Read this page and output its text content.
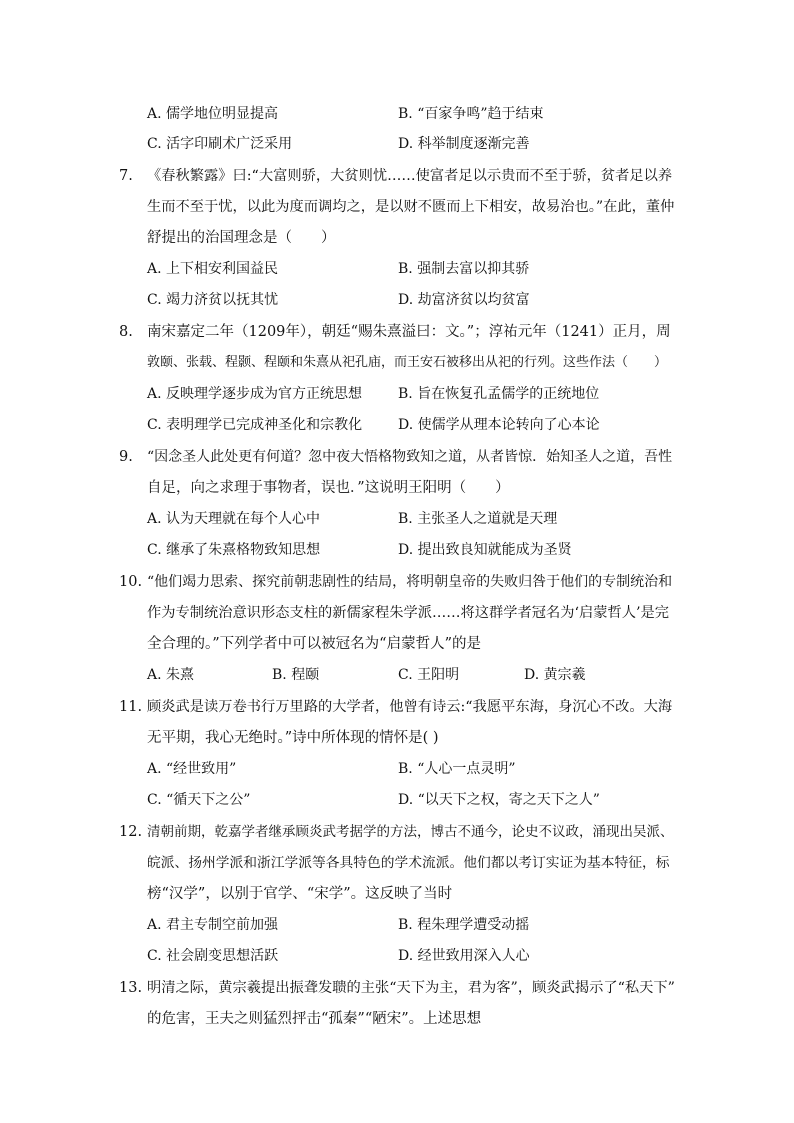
A. 儒学地位明显提高	B. “百家争鸣”趋于结束
C. 活字印刷术广泛采用	D. 科举制度逐渐完善
7. 《春秋繁露》曰:“大富则骄，大贫则忧……使富者足以示贵而不至于骄，贫者足以养
生而不至于忧，以此为度而调均之，是以财不匮而上下相安，故易治也。”在此，董仲
舒提出的治国理念是（　　）
A. 上下相安利国益民	B. 强制去富以抑其骄
C. 竭力济贫以抚其忧	D. 劫富济贫以均贫富
8. 南宋嘉定二年（1209年），朝廷“赐朱熹溢曰：文。”；淳祐元年（1241）正月，周
敦颐、张载、程颢、程颐和朱熹从祀孔庙，而王安石被移出从祀的行列。这些作法（　　）
A. 反映理学逐步成为官方正统思想	B. 旨在恢复孔孟儒学的正统地位
C. 表明理学已完成神圣化和宗教化	D. 使儒学从理本论转向了心本论
9. “因念圣人此处更有何道？忽中夜大悟格物致知之道，从者皆惊．始知圣人之道，吾性
自足，向之求理于事物者，误也．”这说明王阳明（　　）
A. 认为天理就在每个人心中	B. 主张圣人之道就是天理
C. 继承了朱熹格物致知思想	D. 提出致良知就能成为圣贤
10. “他们竭力思索、探究前朝悲剧性的结局，将明朝皇帝的失败归咎于他们的专制统治和
作为专制统治意识形态支柱的新儒家程朱学派……将这群学者冠名为‘启蒙哲人’是完
全合理的。”下列学者中可以被冠名为“启蒙哲人”的是
A. 朱熹	B. 程颐	C. 王阳明	D. 黄宗羲
11. 顾炎武是读万卷书行万里路的大学者，他曾有诗云:“我愿平东海，身沉心不改。大海
无平期，我心无绝时。”诗中所体现的情怀是( )
A. “经世致用”	B. “人心一点灵明”
C. “循天下之公”	D. “以天下之权，寄之天下之人”
12. 清朝前期，乾嘉学者继承顾炎武考据学的方法，博古不通今，论史不议政，涌现出吴派、
皖派、扬州学派和浙江学派等各具特色的学术流派。他们都以考订实证为基本特征，标
榜“汉学”，以别于官学、“宋学”。这反映了当时
A. 君主专制空前加强	B. 程朱理学遭受动摇
C. 社会剧变思想活跃	D. 经世致用深入人心
13. 明清之际，黄宗羲提出振聋发聩的主张“天下为主，君为客”，顾炎武揭示了“私天下”
的危害，王夫之则猛烈抨击“孤秦”“陋宋”。上述思想
